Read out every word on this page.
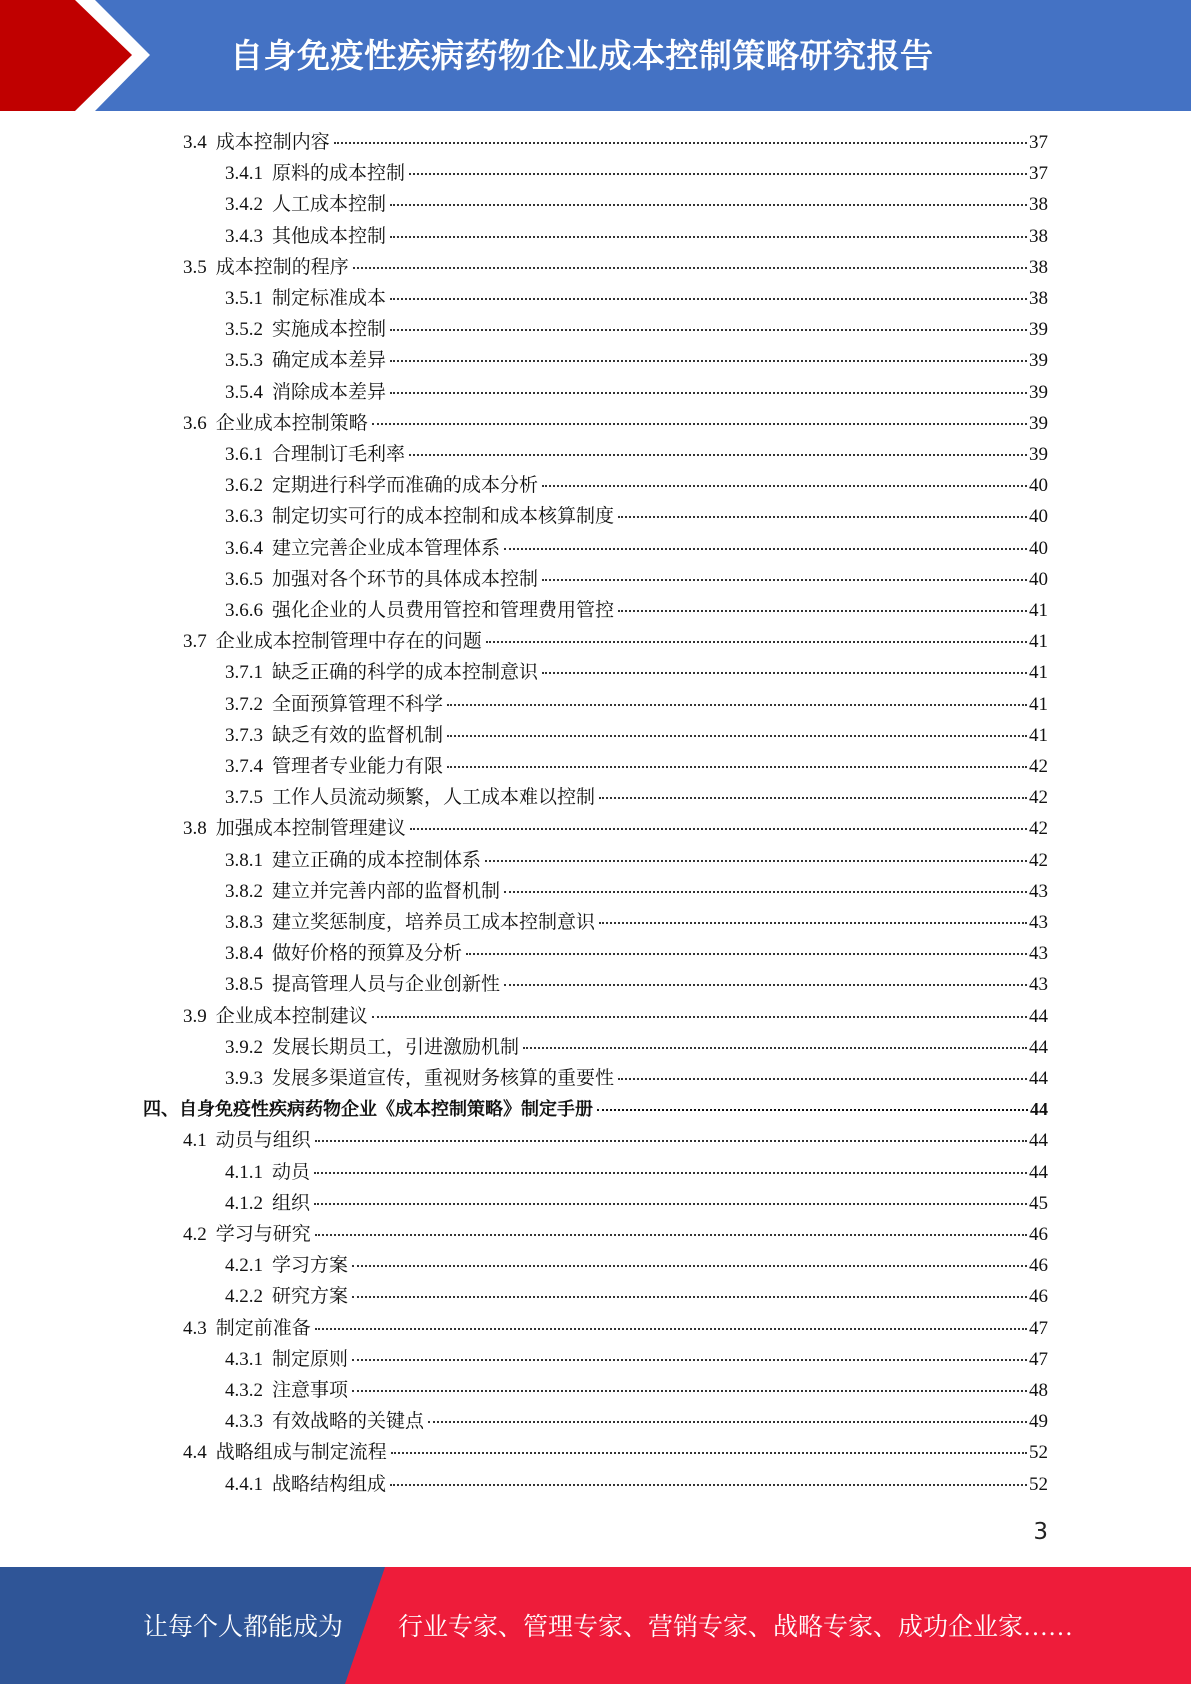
自身免疫性疾病药物企业成本控制策略研究报告
3.4 成本控制内容	37
3.4.1 原料的成本控制	37
3.4.2 人工成本控制	38
3.4.3 其他成本控制	38
3.5 成本控制的程序	38
3.5.1 制定标准成本	38
3.5.2 实施成本控制	39
3.5.3 确定成本差异	39
3.5.4 消除成本差异	39
3.6 企业成本控制策略	39
3.6.1 合理制订毛利率	39
3.6.2 定期进行科学而准确的成本分析	40
3.6.3 制定切实可行的成本控制和成本核算制度	40
3.6.4 建立完善企业成本管理体系	40
3.6.5 加强对各个环节的具体成本控制	40
3.6.6 强化企业的人员费用管控和管理费用管控	41
3.7 企业成本控制管理中存在的问题	41
3.7.1 缺乏正确的科学的成本控制意识	41
3.7.2 全面预算管理不科学	41
3.7.3 缺乏有效的监督机制	41
3.7.4 管理者专业能力有限	42
3.7.5 工作人员流动频繁，人工成本难以控制	42
3.8 加强成本控制管理建议	42
3.8.1 建立正确的成本控制体系	42
3.8.2 建立并完善内部的监督机制	43
3.8.3 建立奖惩制度，培养员工成本控制意识	43
3.8.4 做好价格的预算及分析	43
3.8.5 提高管理人员与企业创新性	43
3.9 企业成本控制建议	44
3.9.2 发展长期员工，引进激励机制	44
3.9.3 发展多渠道宣传，重视财务核算的重要性	44
四、自身免疫性疾病药物企业《成本控制策略》制定手册	44
4.1 动员与组织	44
4.1.1 动员	44
4.1.2 组织	45
4.2 学习与研究	46
4.2.1 学习方案	46
4.2.2 研究方案	46
4.3 制定前准备	47
4.3.1 制定原则	47
4.3.2 注意事项	48
4.3.3 有效战略的关键点	49
4.4 战略组成与制定流程	52
4.4.1 战略结构组成	52
3
让每个人都能成为 行业专家、管理专家、营销专家、战略专家、成功企业家……
